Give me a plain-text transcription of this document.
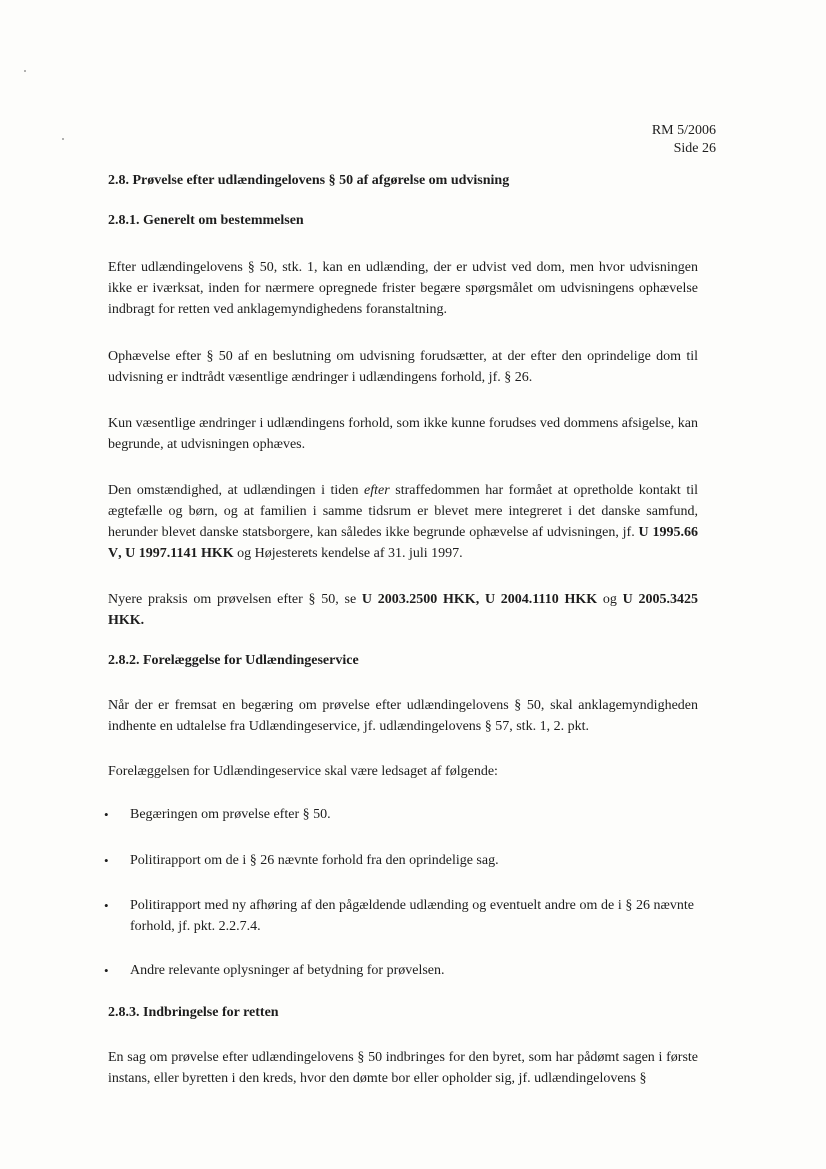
RM 5/2006
Side 26
2.8. Prøvelse efter udlændingelovens § 50 af afgørelse om udvisning
2.8.1. Generelt om bestemmelsen

Efter udlændingelovens § 50, stk. 1, kan en udlænding, der er udvist ved dom, men hvor udvisningen ikke er iværksat, inden for nærmere opregnede frister begære spørgsmålet om udvisningens ophævelse indbragt for retten ved anklagemyndighedens foranstaltning.

Ophævelse efter § 50 af en beslutning om udvisning forudsætter, at der efter den oprindelige dom til udvisning er indtrådt væsentlige ændringer i udlændingens forhold, jf. § 26.

Kun væsentlige ændringer i udlændingens forhold, som ikke kunne forudses ved dommens afsigelse, kan begrunde, at udvisningen ophæves.

Den omstændighed, at udlændingen i tiden efter straffedommen har formået at opretholde kontakt til ægtefælle og børn, og at familien i samme tidsrum er blevet mere integreret i det danske samfund, herunder blevet danske statsborgere, kan således ikke begrunde ophævelse af udvisningen, jf. U 1995.66 V, U 1997.1141 HKK og Højesterets kendelse af 31. juli 1997.

Nyere praksis om prøvelsen efter § 50, se U 2003.2500 HKK, U 2004.1110 HKK og U 2005.3425 HKK.

2.8.2. Forelæggelse for Udlændingeservice

Når der er fremsat en begæring om prøvelse efter udlændingelovens § 50, skal anklagemyndigheden indhente en udtalelse fra Udlændingeservice, jf. udlændingelovens § 57, stk. 1, 2. pkt.

Forelæggelsen for Udlændingeservice skal være ledsaget af følgende:

•	Begæringen om prøvelse efter § 50.
•	Politirapport om de i § 26 nævnte forhold fra den oprindelige sag.
•	Politirapport med ny afhøring af den pågældende udlænding og eventuelt andre om de i § 26 nævnte forhold, jf. pkt. 2.2.7.4.
•	Andre relevante oplysninger af betydning for prøvelsen.
2.8.3. Indbringelse for retten

En sag om prøvelse efter udlændingelovens § 50 indbringes for den byret, som har pådømt sagen i første instans, eller byretten i den kreds, hvor den dømte bor eller opholder sig, jf. udlændingelovens §
